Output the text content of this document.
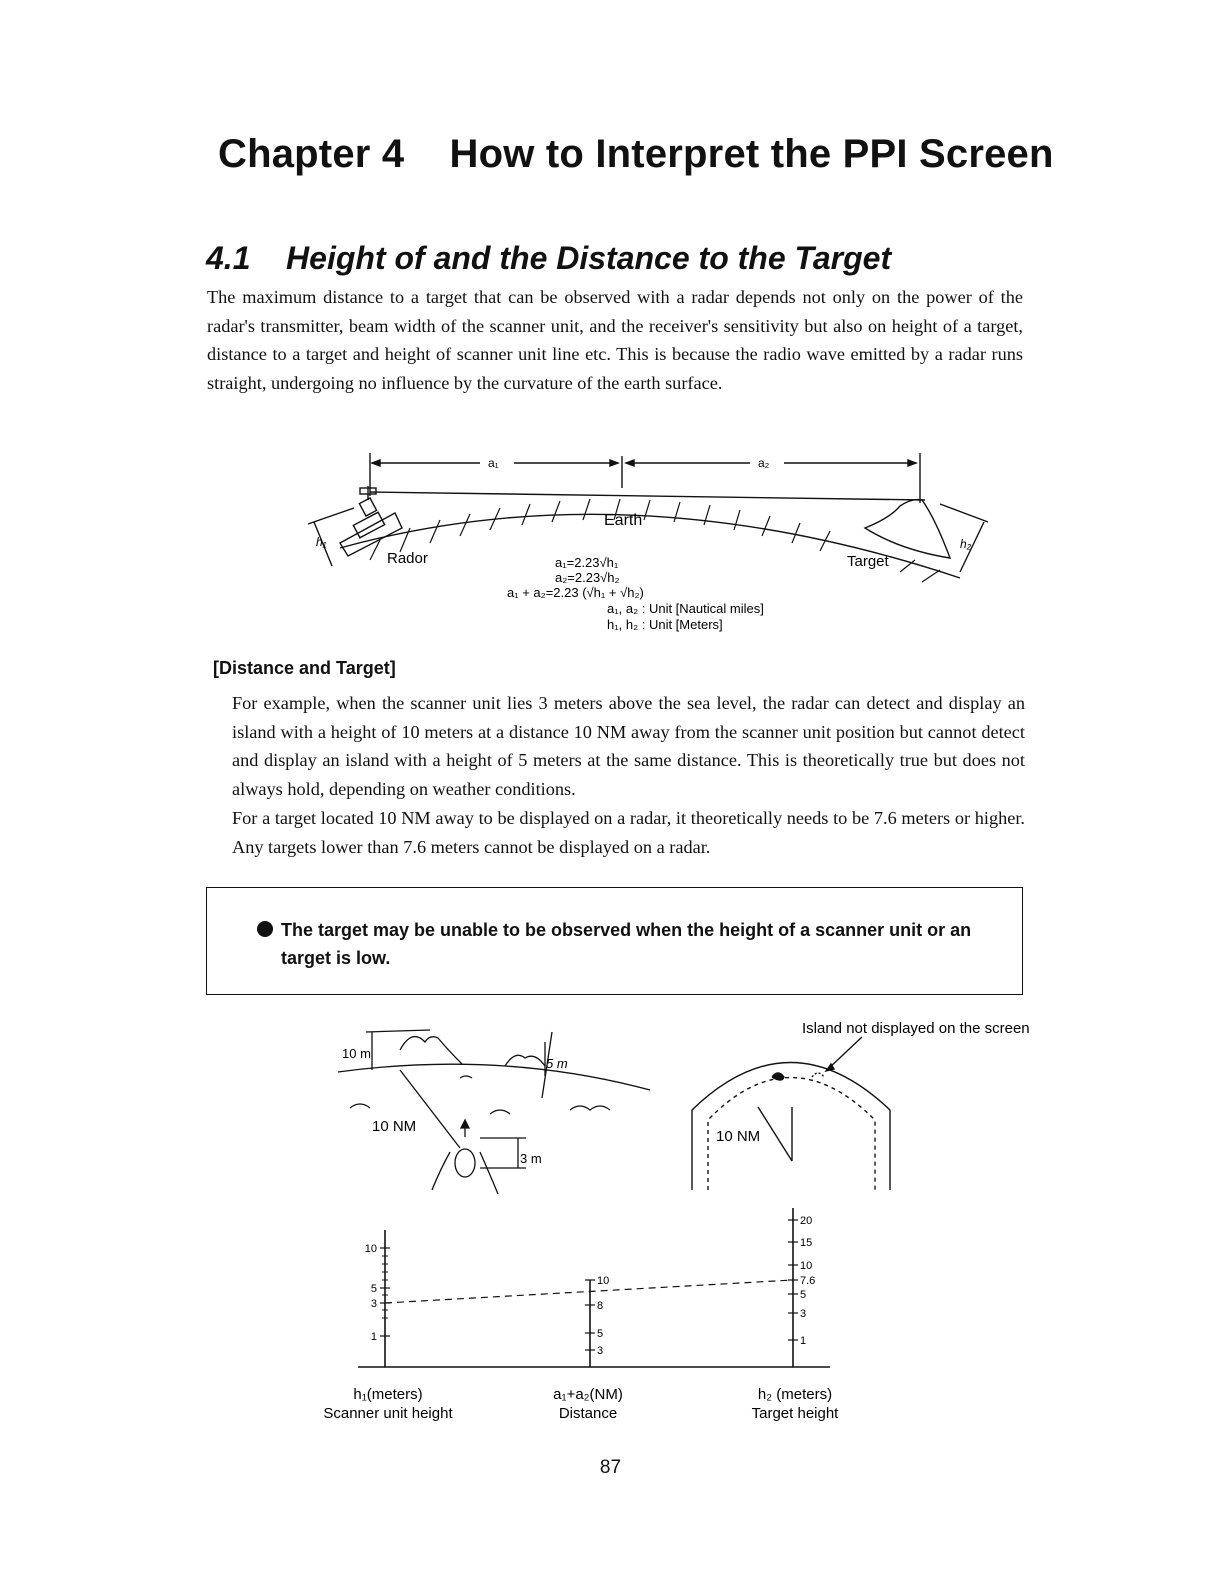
Chapter 4    How to Interpret the PPI Screen
4.1    Height of and the Distance to the Target

The maximum distance to a target that can be observed with a radar depends not only on the power of the radar's transmitter, beam width of the scanner unit, and the receiver's sensitivity but also on height of a target, distance to a target and height of scanner unit line etc. This is because the radio wave emitted by a radar runs straight, undergoing no influence by the curvature of the earth surface.

a₁	a₂
Earth
Rador	Target
h₁	h₂
a₁=2.23√h₁
a₂=2.23√h₂
a₁ + a₂=2.23 (√h₁ + √h₂)
a₁, a₂ : Unit [Nautical miles]
h₁, h₂ : Unit [Meters]
[Distance and Target]

For example, when the scanner unit lies 3 meters above the sea level, the radar can detect and display an island with a height of 10 meters at a distance 10 NM away from the scanner unit position but cannot detect and display an island with a height of 5 meters at the same distance. This is theoretically true but does not always hold, depending on weather conditions.

For a target located 10 NM away to be displayed on a radar, it theoretically needs to be 7.6 meters or higher. Any targets lower than 7.6 meters cannot be displayed on a radar.

The target may be unable to be observed when the height of a scanner unit or an target is low.
10 m
5 m
3 m
10 NM
Island not displayed on the screen
10 NM
10
5
3
1
10
8
5
3
20
15
10
7.6
5
3
1
h₁(meters)
Scanner unit height
a₁+a₂(NM)
Distance
h₂ (meters)
Target height
87
